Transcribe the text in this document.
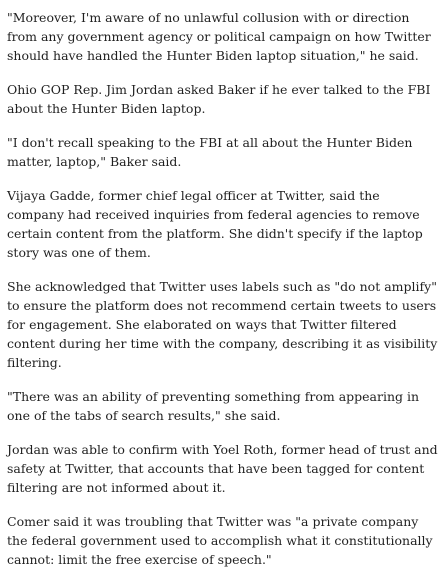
"Moreover, I'm aware of no unlawful collusion with or direction from any government agency or political campaign on how Twitter should have handled the Hunter Biden laptop situation," he said.

Ohio GOP Rep. Jim Jordan asked Baker if he ever talked to the FBI about the Hunter Biden laptop.

"I don't recall speaking to the FBI at all about the Hunter Biden matter, laptop," Baker said.

Vijaya Gadde, former chief legal officer at Twitter, said the company had received inquiries from federal agencies to remove certain content from the platform. She didn't specify if the laptop story was one of them.

She acknowledged that Twitter uses labels such as "do not amplify" to ensure the platform does not recommend certain tweets to users for engagement. She elaborated on ways that Twitter filtered content during her time with the company, describing it as visibility filtering.

"There was an ability of preventing something from appearing in one of the tabs of search results," she said.

Jordan was able to confirm with Yoel Roth, former head of trust and safety at Twitter, that accounts that have been tagged for content filtering are not informed about it.

Comer said it was troubling that Twitter was "a private company the federal government used to accomplish what it constitutionally cannot: limit the free exercise of speech."
